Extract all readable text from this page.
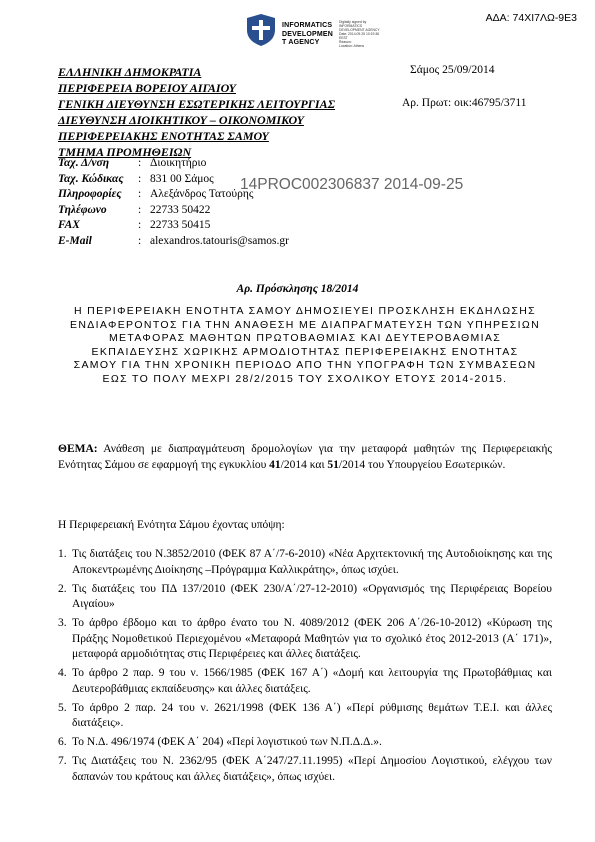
ΑΔΑ: 74ΧΙ7ΛΩ-9Ε3
INFORMATICS
DEVELOPMEN
T AGENCY
Digitally signed by
INFORMATICS
DEVELOPMENT AGENCY
Date: 2014.09.25 10:19:36
EEST
Reason:
Location: Athens
ΕΛΛΗΝΙΚΗ ΔΗΜΟΚΡΑΤΙΑ
ΠΕΡΙΦΕΡΕΙΑ ΒΟΡΕΙΟΥ ΑΙΓΑΙΟΥ
ΓΕΝΙΚΗ ΔΙΕΥΘΥΝΣΗ ΕΣΩΤΕΡΙΚΗΣ ΛΕΙΤΟΥΡΓΙΑΣ
ΔΙΕΥΘΥΝΣΗ ΔΙΟΙΚΗΤΙΚΟΥ – ΟΙΚΟΝΟΜΙΚΟΥ
ΠΕΡΙΦΕΡΕΙΑΚΗΣ ΕΝΟΤΗΤΑΣ ΣΑΜΟΥ
ΤΜΗΜΑ ΠΡΟΜΗΘΕΙΩΝ
Σάμος 25/09/2014
Αρ. Πρωτ: οικ:46795/3711
Ταχ. Δ/νση	: Διοικητήριο
Ταχ. Κώδικας	: 831 00 Σάμος
Πληροφορίες	: Αλεξάνδρος Τατούρης
Τηλέφωνο	: 22733 50422
FAX	: 22733 50415
E-Mail	: alexandros.tatouris@samos.gr
14PROC002306837 2014-09-25
Αρ. Πρόσκλησης 18/2014
Η ΠΕΡΙΦΕΡΕΙΑΚΗ ΕΝΟΤΗΤΑ ΣΑΜΟΥ ΔΗΜΟΣΙΕΥΕΙ ΠΡΟΣΚΛΗΣΗ ΕΚΔΗΛΩΣΗΣ ΕΝΔΙΑΦΕΡΟΝΤΟΣ ΓΙΑ ΤΗΝ ΑΝΑΘΕΣΗ ΜΕ ΔΙΑΠΡΑΓΜΑΤΕΥΣΗ ΤΩΝ ΥΠΗΡΕΣΙΩΝ ΜΕΤΑΦΟΡΑΣ ΜΑΘΗΤΩΝ ΠΡΩΤΟΒΑΘΜΙΑΣ ΚΑΙ ΔΕΥΤΕΡΟΒΑΘΜΙΑΣ ΕΚΠΑΙΔΕΥΣΗΣ ΧΩΡΙΚΗΣ ΑΡΜΟΔΙΟΤΗΤΑΣ ΠΕΡΙΦΕΡΕΙΑΚΗΣ ΕΝΟΤΗΤΑΣ ΣΑΜΟΥ ΓΙΑ ΤΗΝ ΧΡΟΝΙΚΗ ΠΕΡΙΟΔΟ ΑΠΟ ΤΗΝ ΥΠΟΓΡΑΦΗ ΤΩΝ ΣΥΜΒΑΣΕΩΝ ΕΩΣ ΤΟ ΠΟΛΥ ΜΕΧΡΙ 28/2/2015 ΤΟΥ ΣΧΟΛΙΚΟΥ ΕΤΟΥΣ 2014-2015.
ΘΕΜΑ: Ανάθεση με διαπραγμάτευση δρομολογίων για την μεταφορά μαθητών της Περιφερειακής Ενότητας Σάμου σε εφαρμογή της εγκυκλίου 41/2014 και 51/2014 του Υπουργείου Εσωτερικών.
Η Περιφερειακή Ενότητα Σάμου έχοντας υπόψη:
1. Τις διατάξεις του Ν.3852/2010 (ΦΕΚ 87 Α΄/7-6-2010) «Νέα Αρχιτεκτονική της Αυτοδιοίκησης και της Αποκεντρωμένης Διοίκησης –Πρόγραμμα Καλλικράτης», όπως ισχύει.
2. Τις διατάξεις του ΠΔ 137/2010 (ΦΕΚ 230/Α΄/27-12-2010) «Οργανισμός της Περιφέρειας Βορείου Αιγαίου»
3. Το άρθρο έβδομο και το άρθρο ένατο του Ν. 4089/2012 (ΦΕΚ 206 Α΄/26-10-2012) «Κύρωση της Πράξης Νομοθετικού Περιεχομένου «Μεταφορά Μαθητών για το σχολικό έτος 2012-2013 (Α΄ 171)», μεταφορά αρμοδιότητας στις Περιφέρειες και άλλες διατάξεις.
4. Το άρθρο 2 παρ. 9 του ν. 1566/1985 (ΦΕΚ 167 Α΄) «Δομή και λειτουργία της Πρωτοβάθμιας και Δευτεροβάθμιας εκπαίδευσης» και άλλες διατάξεις.
5. Το άρθρο 2 παρ. 24 του ν. 2621/1998 (ΦΕΚ 136 Α΄) «Περί ρύθμισης θεμάτων Τ.Ε.Ι. και άλλες διατάξεις».
6. Το Ν.Δ. 496/1974 (ΦΕΚ Α΄ 204) «Περί λογιστικού των Ν.Π.Δ.Δ.».
7. Τις Διατάξεις του Ν. 2362/95 (ΦΕΚ Α΄247/27.11.1995) «Περί Δημοσίου Λογιστικού, ελέγχου των δαπανών του κράτους και άλλες διατάξεις», όπως ισχύει.
